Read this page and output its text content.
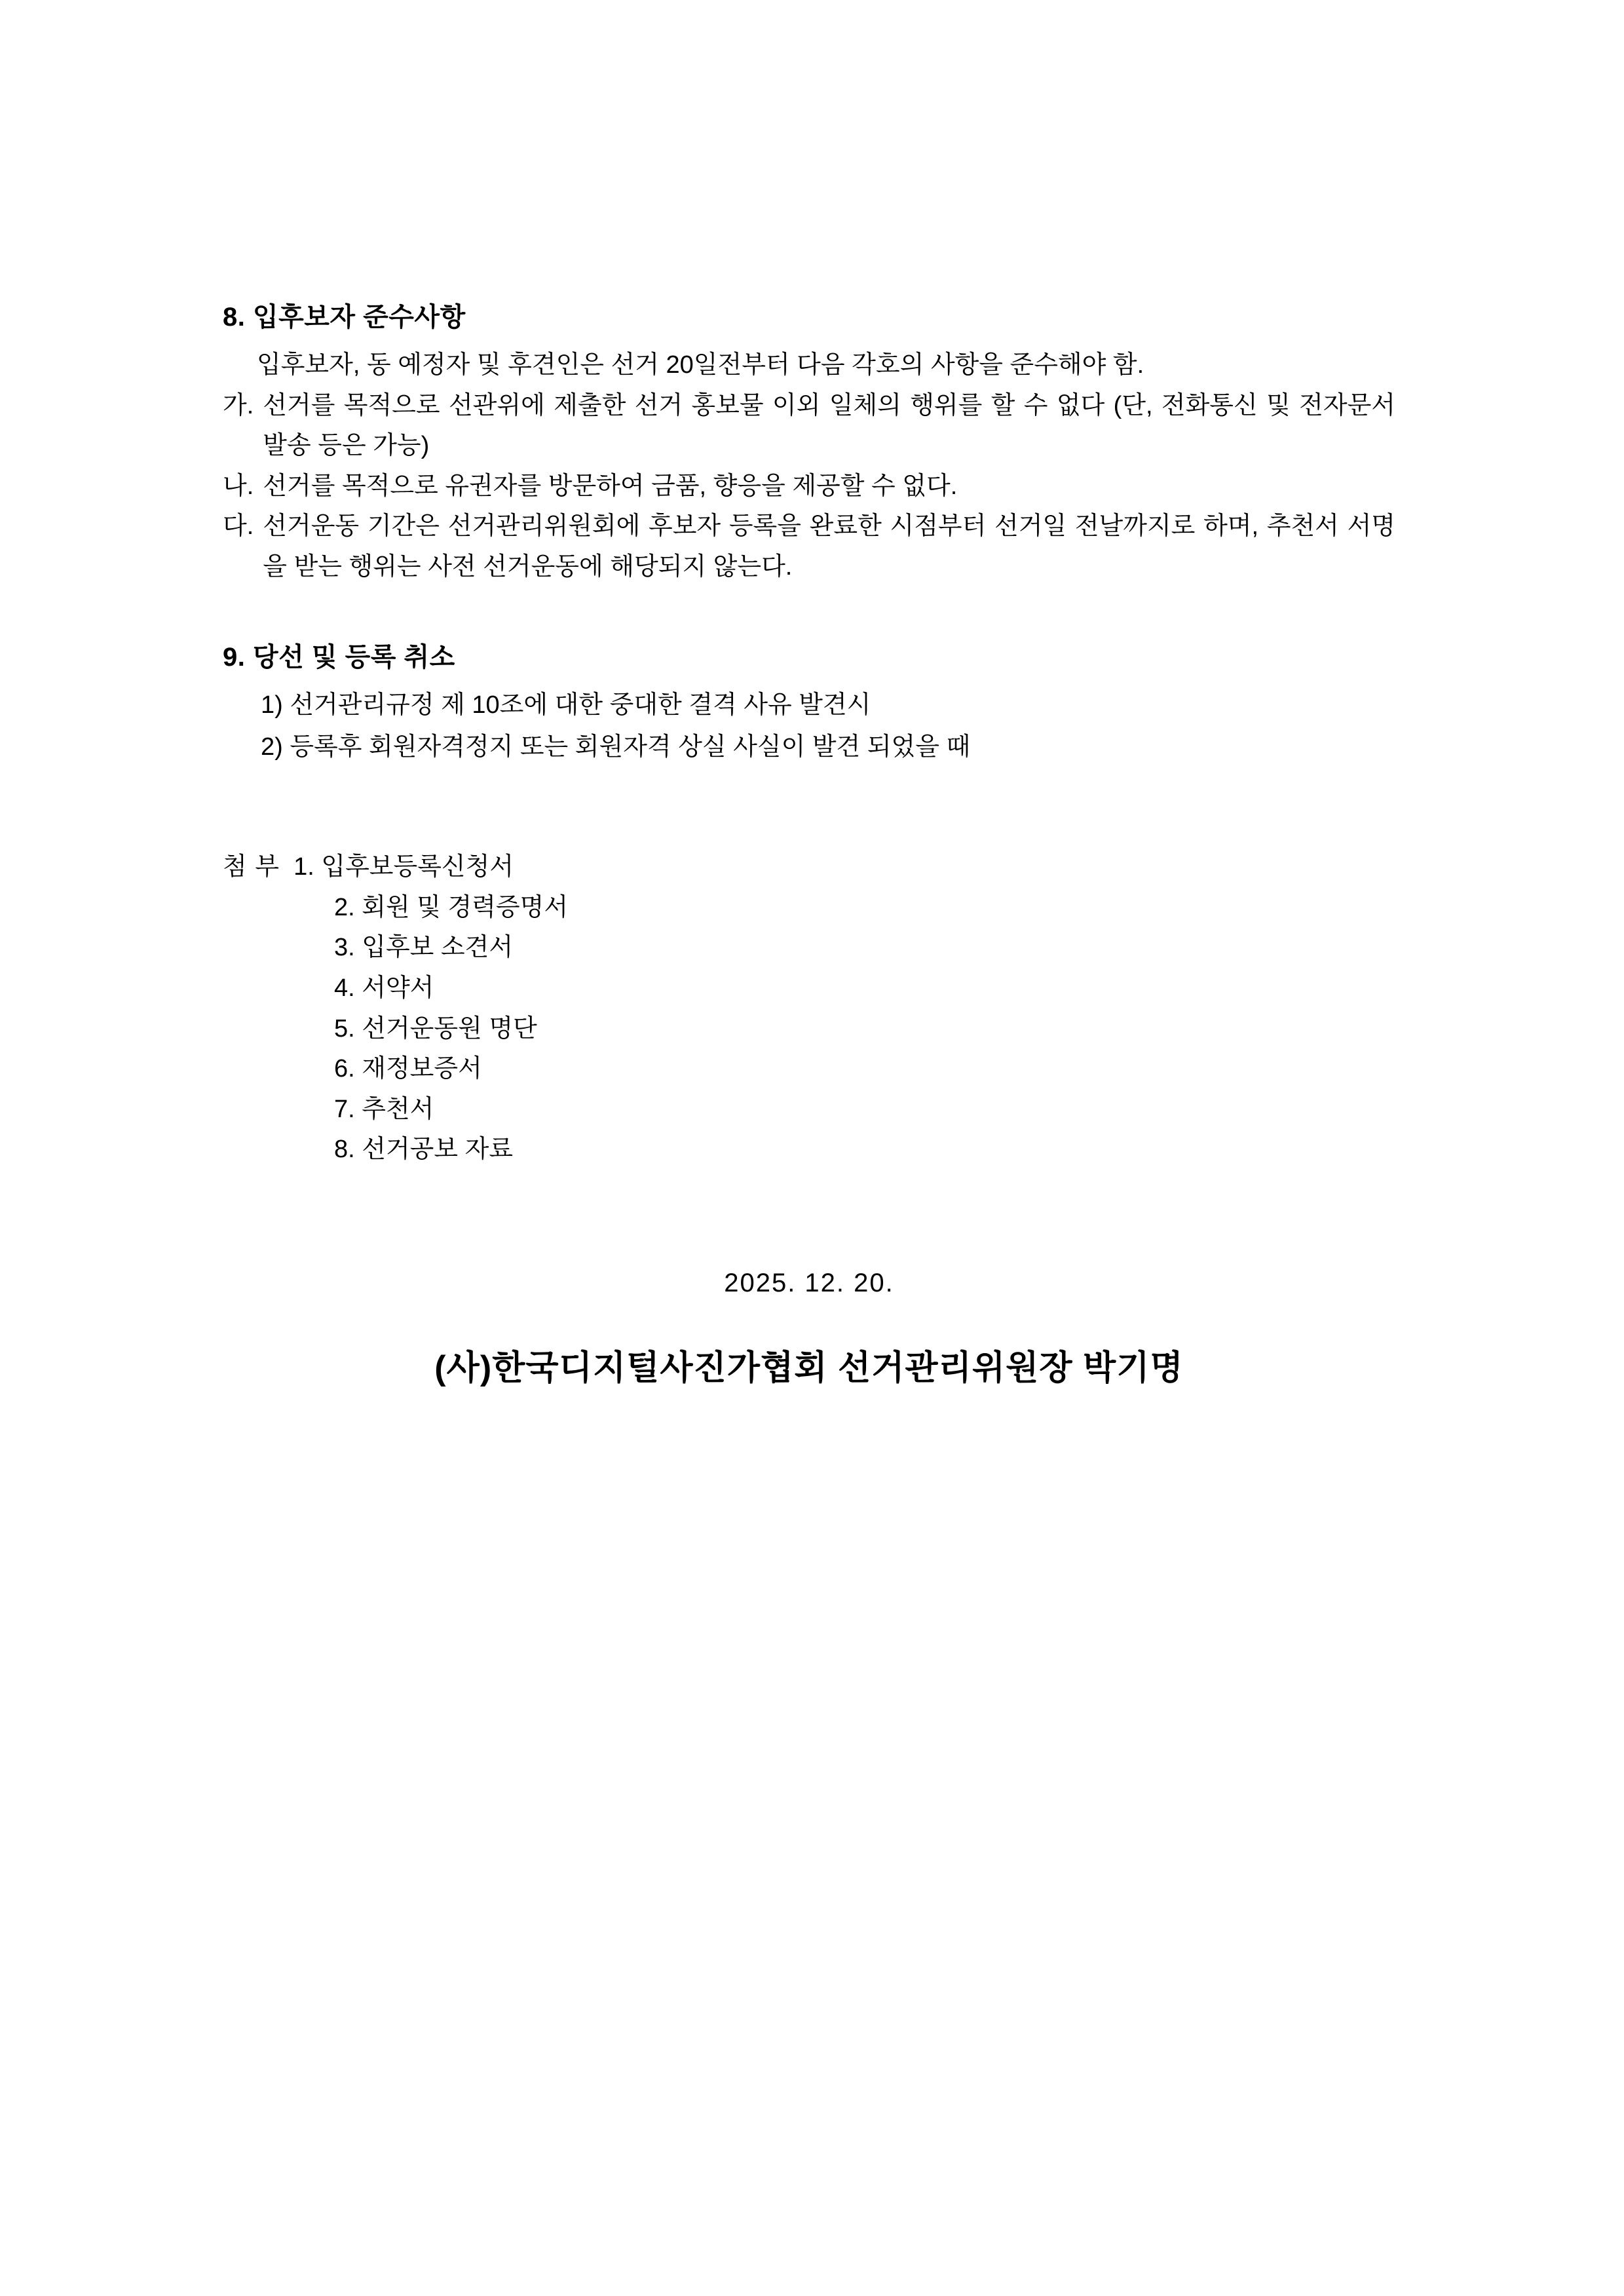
8. 입후보자 준수사항
입후보자, 동 예정자 및 후견인은 선거 20일전부터 다음 각호의 사항을 준수해야 함.
가. 선거를 목적으로 선관위에 제출한 선거 홍보물 이외 일체의 행위를 할 수 없다 (단, 전화통신 및 전자문서 발송 등은 가능)
나. 선거를 목적으로 유권자를 방문하여 금품, 향응을 제공할 수 없다.
다. 선거운동 기간은 선거관리위원회에 후보자 등록을 완료한 시점부터 선거일 전날까지로 하며, 추천서 서명을 받는 행위는 사전 선거운동에 해당되지 않는다.
9. 당선 및 등록 취소
1) 선거관리규정 제 10조에 대한 중대한 결격 사유 발견시
2) 등록후 회원자격정지 또는 회원자격 상실 사실이 발견 되었을 때
첨 부
1. 입후보등록신청서
2. 회원 및 경력증명서
3. 입후보 소견서
4. 서약서
5. 선거운동원 명단
6. 재정보증서
7. 추천서
8. 선거공보 자료
2025. 12. 20.
(사)한국디지털사진가협회 선거관리위원장 박기명
